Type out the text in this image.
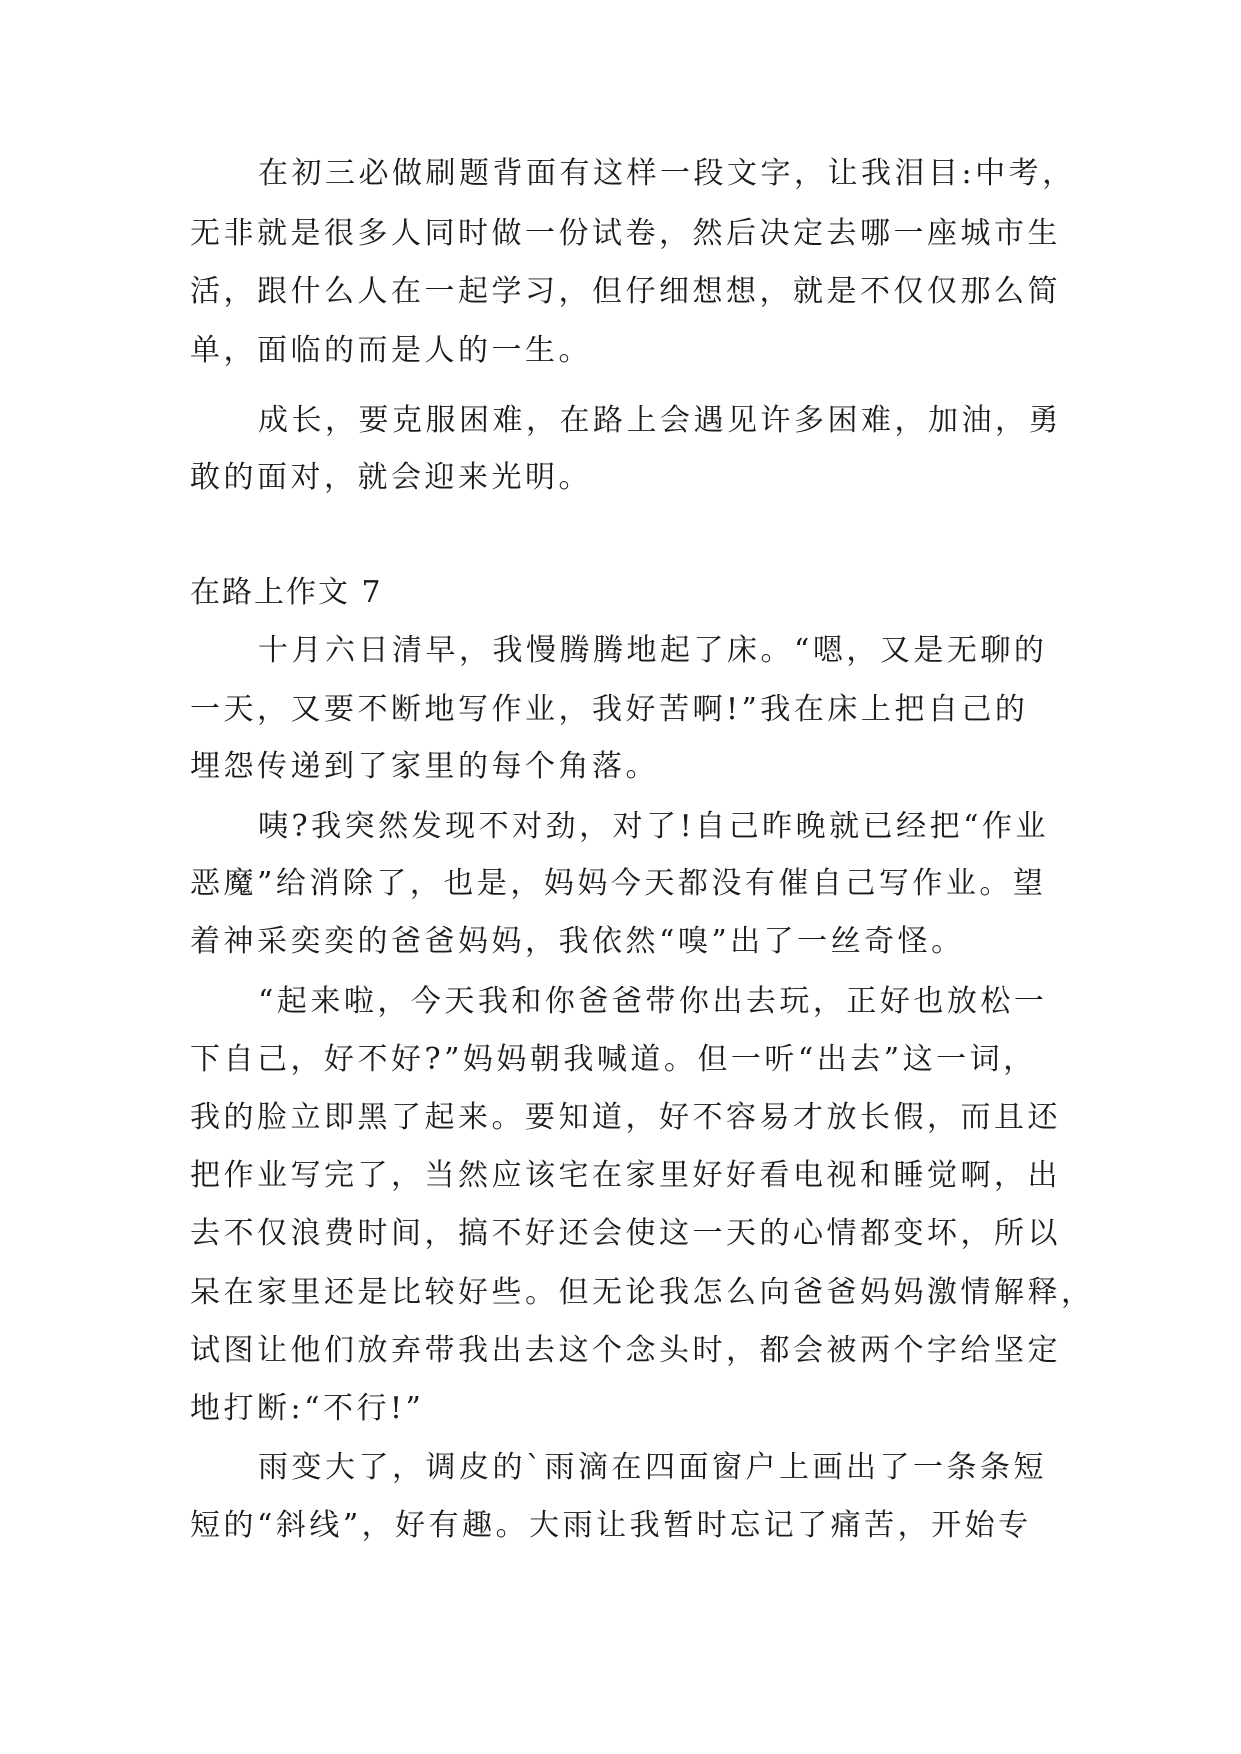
在初三必做刷题背面有这样一段文字，让我泪目:中考，
无非就是很多人同时做一份试卷，然后决定去哪一座城市生
活，跟什么人在一起学习，但仔细想想，就是不仅仅那么简
单，面临的而是人的一生。
成长，要克服困难，在路上会遇见许多困难，加油，勇
敢的面对，就会迎来光明。
在路上作文 7
十月六日清早，我慢腾腾地起了床。“嗯，又是无聊的
一天，又要不断地写作业，我好苦啊!”我在床上把自己的
埋怨传递到了家里的每个角落。
咦?我突然发现不对劲，对了!自己昨晚就已经把“作业
恶魔”给消除了，也是，妈妈今天都没有催自己写作业。望
着神采奕奕的爸爸妈妈，我依然“嗅”出了一丝奇怪。
“起来啦，今天我和你爸爸带你出去玩，正好也放松一
下自己，好不好?”妈妈朝我喊道。但一听“出去”这一词，
我的脸立即黑了起来。要知道，好不容易才放长假，而且还
把作业写完了，当然应该宅在家里好好看电视和睡觉啊，出
去不仅浪费时间，搞不好还会使这一天的心情都变坏，所以
呆在家里还是比较好些。但无论我怎么向爸爸妈妈激情解释，
试图让他们放弃带我出去这个念头时，都会被两个字给坚定
地打断:“不行!”
雨变大了，调皮的`雨滴在四面窗户上画出了一条条短
短的“斜线”，好有趣。大雨让我暂时忘记了痛苦，开始专
